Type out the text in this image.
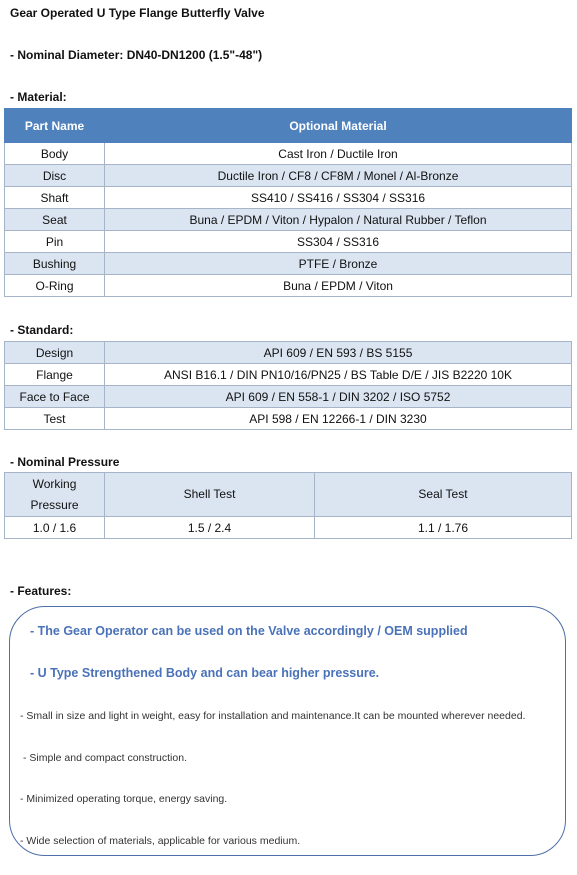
Gear Operated U Type Flange Butterfly Valve
- Nominal Diameter: DN40-DN1200 (1.5"-48")
- Material:
Part Name	Optional Material
Body	Cast Iron / Ductile Iron
Disc	Ductile Iron / CF8 / CF8M / Monel / Al-Bronze
Shaft	SS410 / SS416 / SS304 / SS316
Seat	Buna / EPDM / Viton / Hypalon / Natural Rubber / Teflon
Pin	SS304 / SS316
Bushing	PTFE / Bronze
O-Ring	Buna / EPDM / Viton
- Standard:
Design	API 609 / EN 593 / BS 5155
Flange	ANSI B16.1 / DIN PN10/16/PN25 / BS Table D/E / JIS B2220 10K
Face to Face	API 609 / EN 558-1 / DIN 3202 / ISO 5752
Test	API 598 / EN 12266-1 / DIN 3230
- Nominal Pressure
Working
Pressure	Shell Test	Seal Test
1.0 / 1.6	1.5 / 2.4	1.1 / 1.76
- Features:
- The Gear Operator can be used on the Valve accordingly / OEM supplied
- U Type Strengthened Body and can bear higher pressure.
- Small in size and light in weight, easy for installation and maintenance.It can be mounted wherever needed.
- Simple and compact construction.
- Minimized operating torque, energy saving.
- Wide selection of materials, applicable for various medium.
